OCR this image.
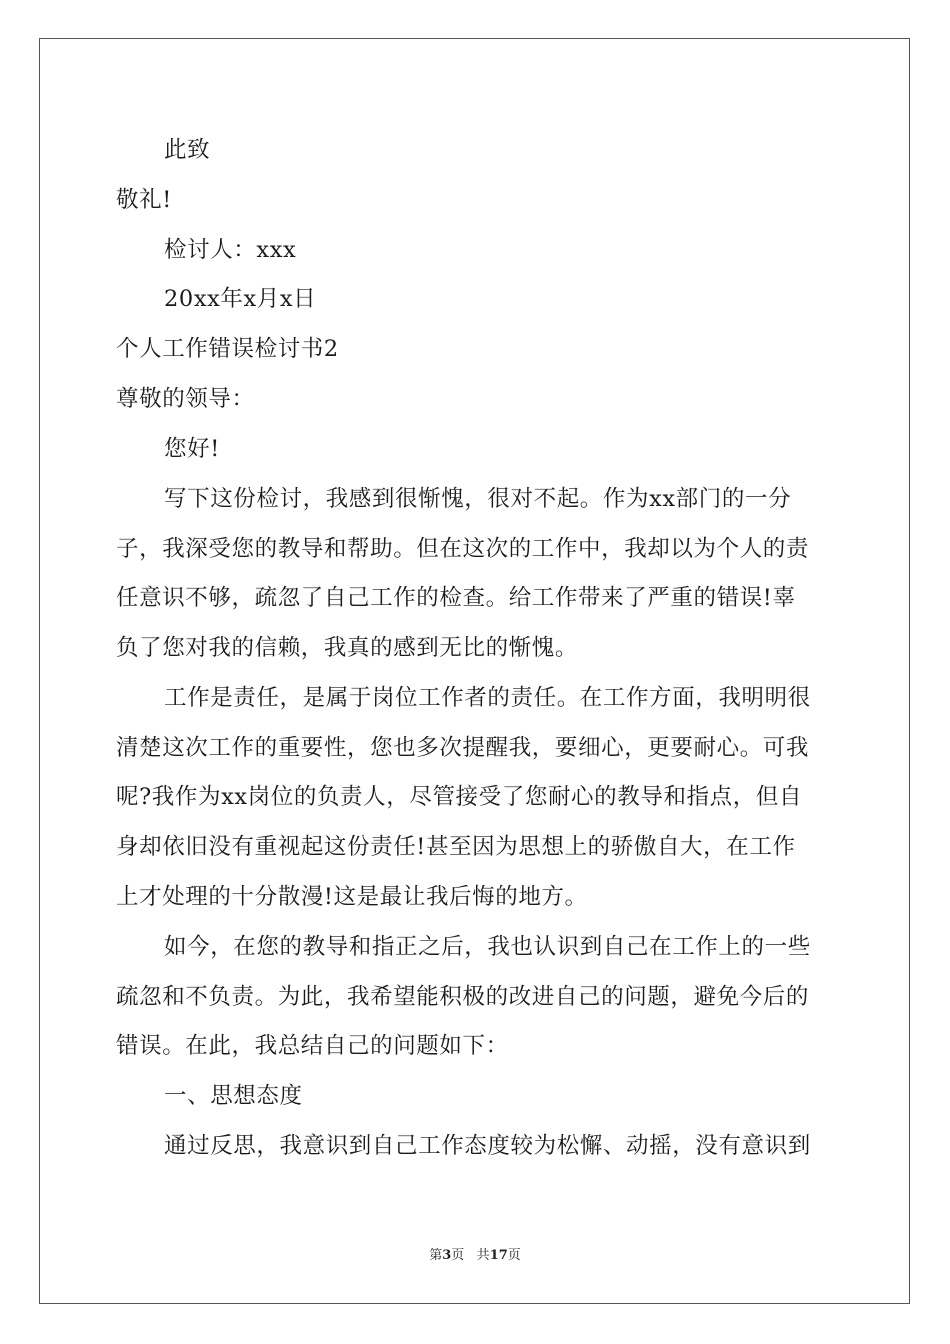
此致
敬礼!
检讨人：xxx
20xx年x月x日
个人工作错误检讨书2
尊敬的领导：
您好!
写下这份检讨，我感到很惭愧，很对不起。作为xx部门的一分
子，我深受您的教导和帮助。但在这次的工作中，我却以为个人的责
任意识不够，疏忽了自己工作的检查。给工作带来了严重的错误!辜
负了您对我的信赖，我真的感到无比的惭愧。
工作是责任，是属于岗位工作者的责任。在工作方面，我明明很
清楚这次工作的重要性，您也多次提醒我，要细心，更要耐心。可我
呢?我作为xx岗位的负责人，尽管接受了您耐心的教导和指点，但自
身却依旧没有重视起这份责任!甚至因为思想上的骄傲自大，在工作
上才处理的十分散漫!这是最让我后悔的地方。
如今，在您的教导和指正之后，我也认识到自己在工作上的一些
疏忽和不负责。为此，我希望能积极的改进自己的问题，避免今后的
错误。在此，我总结自己的问题如下：
一、思想态度
通过反思，我意识到自己工作态度较为松懈、动摇，没有意识到
第3页 共17页
